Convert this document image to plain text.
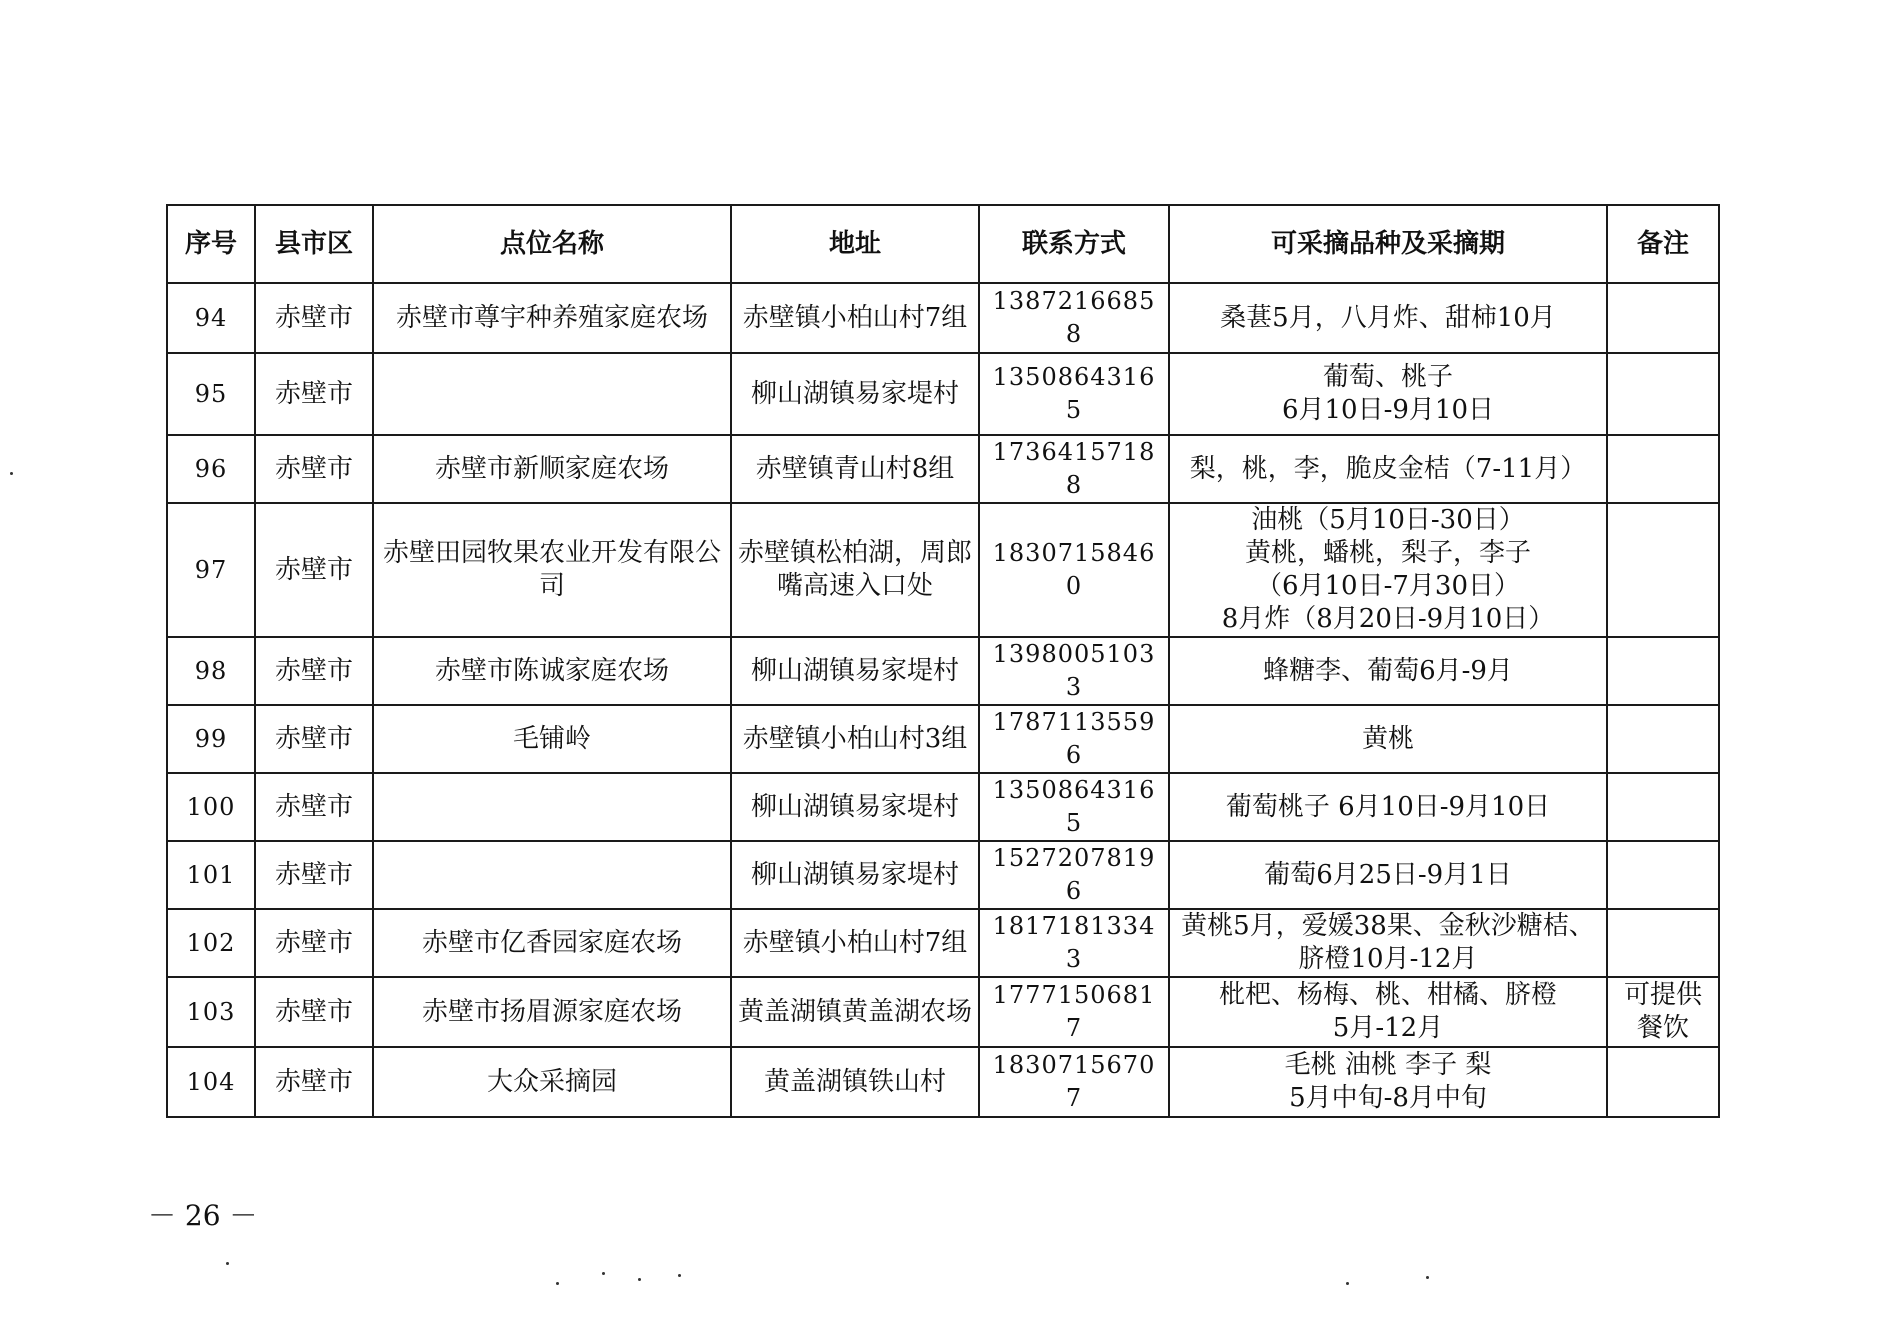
序号	县市区	点位名称	地址	联系方式	可采摘品种及采摘期	备注
94	赤壁市	赤壁市尊宇种养殖家庭农场	赤壁镇小柏山村7组	13872166858	桑葚5月，八月炸、甜柿10月	
95	赤壁市		柳山湖镇易家堤村	13508643165	葡萄、桃子
6月10日-9月10日	
96	赤壁市	赤壁市新顺家庭农场	赤壁镇青山村8组	17364157188	梨，桃，李，脆皮金桔（7-11月）	
97	赤壁市	赤壁田园牧果农业开发有限公司	赤壁镇松柏湖，周郎嘴高速入口处	18307158460	油桃（5月10日-30日）
黄桃，蟠桃，梨子，李子
（6月10日-7月30日）
8月炸（8月20日-9月10日）	
98	赤壁市	赤壁市陈诚家庭农场	柳山湖镇易家堤村	13980051033	蜂糖李、葡萄6月-9月	
99	赤壁市	毛铺岭	赤壁镇小柏山村3组	17871135596	黄桃	
100	赤壁市		柳山湖镇易家堤村	13508643165	葡萄桃子 6月10日-9月10日	
101	赤壁市		柳山湖镇易家堤村	15272078196	葡萄6月25日-9月1日	
102	赤壁市	赤壁市亿香园家庭农场	赤壁镇小柏山村7组	18171813343	黄桃5月，爱媛38果、金秋沙糖桔、脐橙10月-12月	
103	赤壁市	赤壁市扬眉源家庭农场	黄盖湖镇黄盖湖农场	17771506817	枇杷、杨梅、桃、柑橘、脐橙
5月-12月	可提供餐饮
104	赤壁市	大众采摘园	黄盖湖镇铁山村	18307156707	毛桃 油桃 李子 梨
5月中旬-8月中旬	
－ 26 －
